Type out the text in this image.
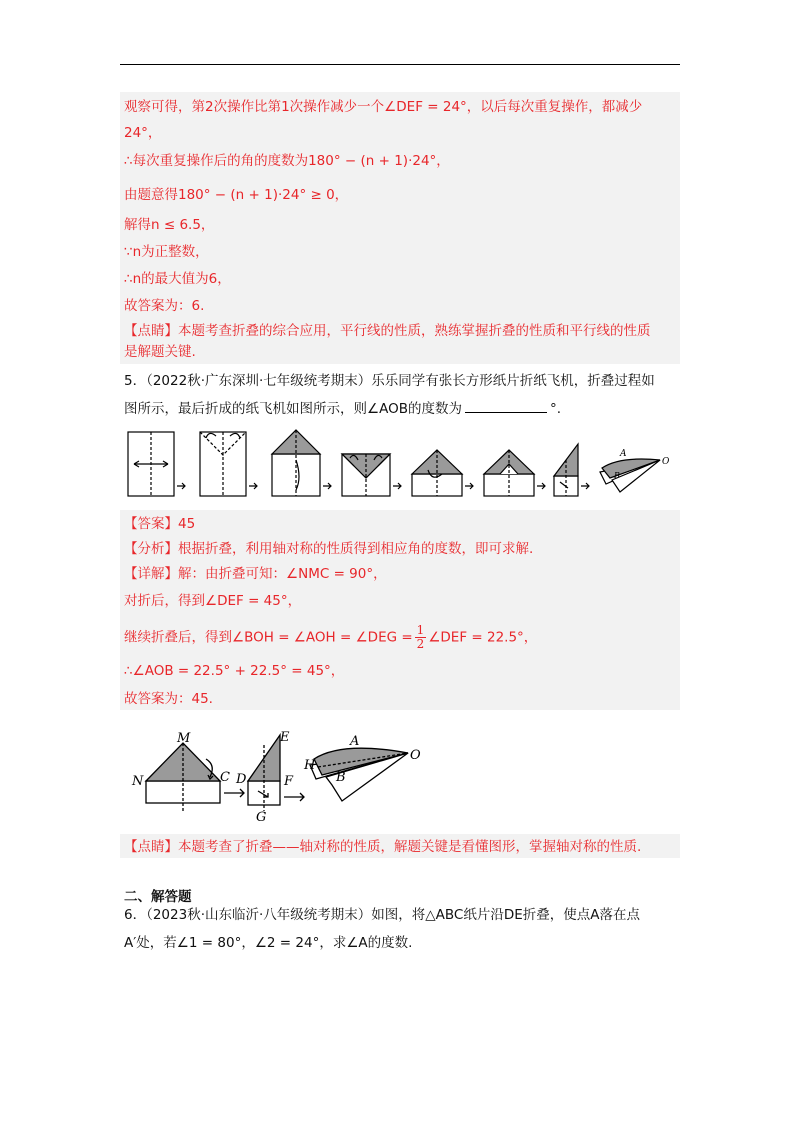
观察可得，第2次操作比第1次操作减少一个∠DEF = 24°，以后每次重复操作，都减少
24°，
∴每次重复操作后的角的度数为180° − (n + 1)·24°，
由题意得180° − (n + 1)·24° ≥ 0，
解得n ≤ 6.5，
∵n为正整数，
∴n的最大值为6，
故答案为：6.
【点睛】本题考查折叠的综合应用，平行线的性质，熟练掌握折叠的性质和平行线的性质
是解题关键.
5．（2022秋·广东深圳·七年级统考期末）乐乐同学有张长方形纸片折纸飞机，折叠过程如
图所示，最后折成的纸飞机如图所示，则∠AOB的度数为	°.
A
O
B
【答案】45
【分析】根据折叠，利用轴对称的性质得到相应角的度数，即可求解.
【详解】解：由折叠可知：∠NMC = 90°，
对折后，得到∠DEF = 45°，
继续折叠后，得到∠BOH = ∠AOH = ∠DEG = $\frac{1}{2}$ ∠DEF = 22.5°，
∴∠AOB = 22.5° + 22.5° = 45°，
故答案为：45.
M
N	C
E
D	F
G
A
H
B
O
【点睛】本题考查了折叠——轴对称的性质，解题关键是看懂图形，掌握轴对称的性质.
二、解答题
6．（2023秋·山东临沂·八年级统考期末）如图，将△ABC纸片沿DE折叠，使点A落在点
A′处，若∠1 = 80°，∠2 = 24°，求∠A的度数.
